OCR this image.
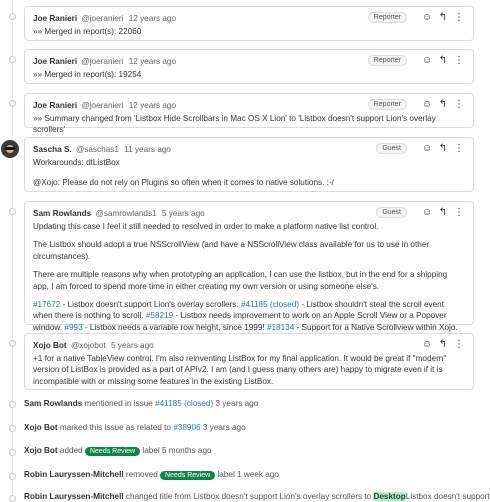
Joe Ranieri @joeranieri 12 years ago	Reporter	☺ ↰ ⋮

»» Merged in report(s): 22060

Joe Ranieri @joeranieri 12 years ago	Reporter	☺ ↰ ⋮

»» Merged in report(s): 19254

Joe Ranieri @joeranieri 12 years ago	Reporter	☺ ↰ ⋮

»» Summary changed from 'Listbox Hide Scrollbars in Mac OS X Lion' to 'Listbox doesn't support Lion's overlay scrollers'

Sascha S. @saschas1 11 years ago	Guest	☺ ↰ ⋮

Workarounds: dtListBox

@Xojo: Please do not rely on Plugins so often when it comes to native solutions. :-/

Sam Rowlands @samrowlands1 5 years ago	Guest	☺ ↰ ⋮

Updating this case I feel it still needed to resolved in order to make a platform native list control.

The Listbox should adopt a true NSScrollView (and have a NSScrollView class available for us to use in other circumstances).

There are multiple reasons why when prototyping an application, I can use the listbox, but in the end for a shipping app, I am forced to spend more time in either creating my own version or using someone else's.

#17672 - Listbox doesn't support Lion's overlay scrollers. #41185 (closed) - Listbox shouldn't steal the scroll event when there is nothing to scroll. #58219 - Listbox needs improvement to work on an Apple Scroll View or a Popover window. #993 - Listbox needs a variable row height, since 1999! #18134 - Support for a Native Scrollview within Xojo.

Xojo Bot @xojobot 5 years ago	☺ ↰ ⋮

+1 for a native TableView control. I'm also reinventing ListBox for my final application. It would be great if "modern" version of ListBox is provided as a part of APIv2. I am (and I guess many others are) happy to migrate even if it is incompatible with or missing some features in the existing ListBox.

Sam Rowlands mentioned in issue #41185 (closed) 3 years ago
Xojo Bot marked this issue as related to #38906 3 years ago
Xojo Bot added Needs Review label 5 months ago
Robin Lauryssen-Mitchell removed Needs Review label 1 week ago
Robin Lauryssen-Mitchell changed title from Listbox doesn't support Lion's overlay scrollers to DesktopListbox doesn't support
